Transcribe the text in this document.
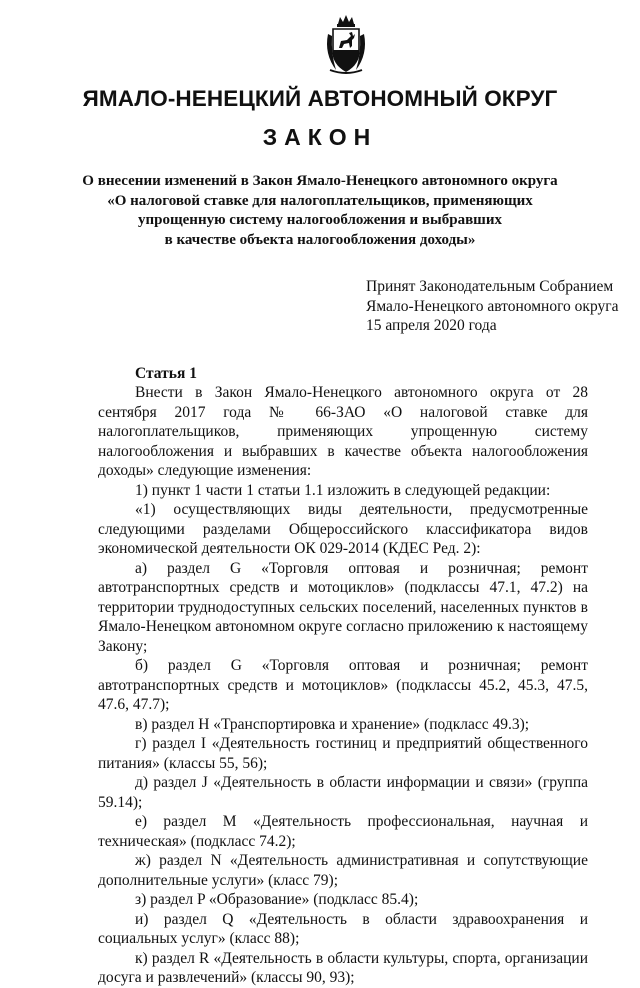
ЯМАЛО-НЕНЕЦКИЙ АВТОНОМНЫЙ ОКРУГ
ЗАКОН
О внесении изменений в Закон Ямало-Ненецкого автономного округа
«О налоговой ставке для налогоплательщиков, применяющих
упрощенную систему налогообложения и выбравших
в качестве объекта налогообложения доходы»
Принят Законодательным Собранием
Ямало-Ненецкого автономного округа
15 апреля 2020 года
Статья 1

Внести в Закон Ямало-Ненецкого автономного округа от 28 сентября 2017 года № 66-ЗАО «О налоговой ставке для налогоплательщиков, применяющих упрощенную систему налогообложения и выбравших в качестве объекта налогообложения доходы» следующие изменения:

1) пункт 1 части 1 статьи 1.1 изложить в следующей редакции:

«1) осуществляющих виды деятельности, предусмотренные следующими разделами Общероссийского классификатора видов экономической деятельности ОК 029-2014 (КДЕС Ред. 2):

а) раздел G «Торговля оптовая и розничная; ремонт автотранспортных средств и мотоциклов» (подклассы 47.1, 47.2) на территории труднодоступных сельских поселений, населенных пунктов в Ямало-Ненецком автономном округе согласно приложению к настоящему Закону;

б) раздел G «Торговля оптовая и розничная; ремонт автотранспортных средств и мотоциклов» (подклассы 45.2, 45.3, 47.5, 47.6, 47.7);

в) раздел H «Транспортировка и хранение» (подкласс 49.3);

г) раздел I «Деятельность гостиниц и предприятий общественного питания» (классы 55, 56);

д) раздел J «Деятельность в области информации и связи» (группа 59.14);

е) раздел M «Деятельность профессиональная, научная и техническая» (подкласс 74.2);

ж) раздел N «Деятельность административная и сопутствующие дополнительные услуги» (класс 79);

з) раздел P «Образование» (подкласс 85.4);

и) раздел Q «Деятельность в области здравоохранения и социальных услуг» (класс 88);

к) раздел R «Деятельность в области культуры, спорта, организации досуга и развлечений» (классы 90, 93);
